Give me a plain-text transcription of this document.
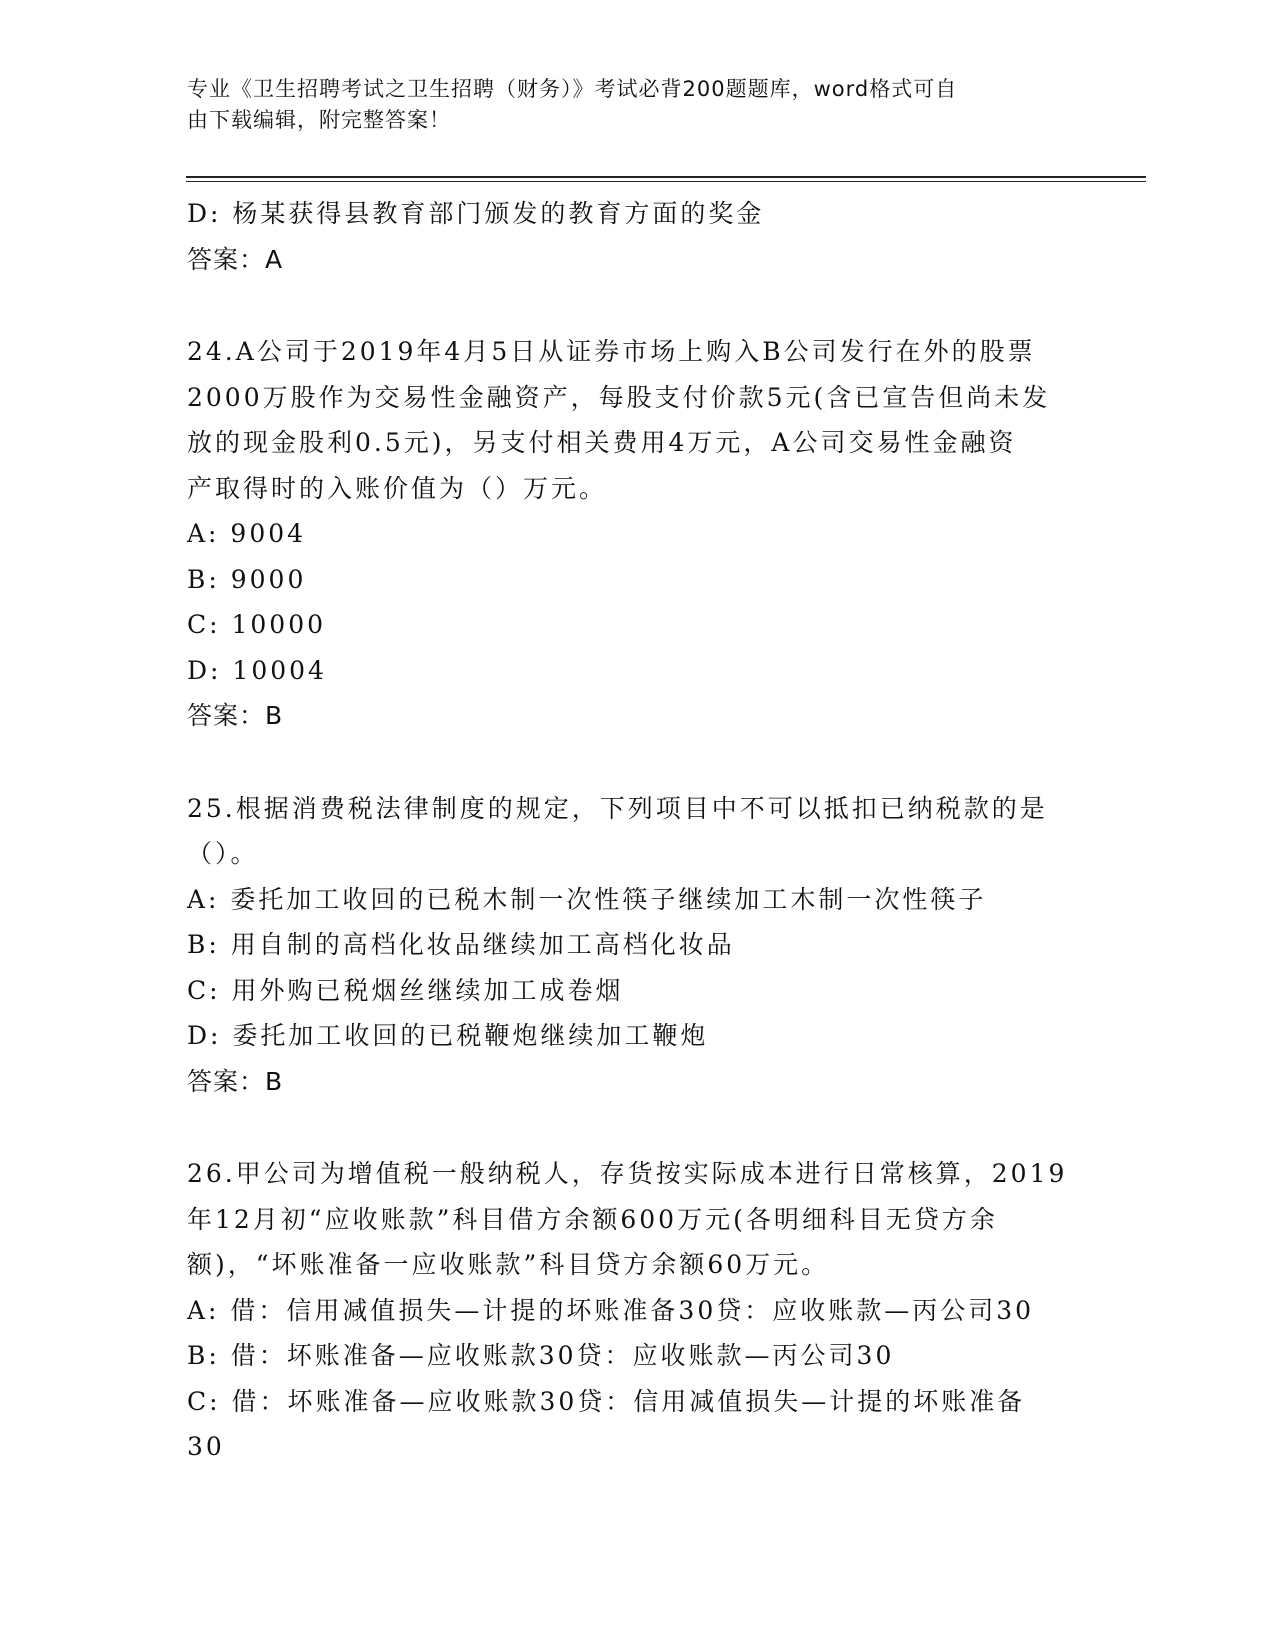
专业《卫生招聘考试之卫生招聘（财务）》考试必背200题题库，word格式可自
由下载编辑，附完整答案！
D: 杨某获得县教育部门颁发的教育方面的奖金
答案：A
24.A公司于2019年4月5日从证券市场上购入B公司发行在外的股票
2000万股作为交易性金融资产，每股支付价款5元(含已宣告但尚未发
放的现金股利0.5元)，另支付相关费用4万元，A公司交易性金融资
产取得时的入账价值为（）万元。
A: 9004
B: 9000
C: 10000
D: 10004
答案：B
25.根据消费税法律制度的规定，下列项目中不可以抵扣已纳税款的是
（）。
A: 委托加工收回的已税木制一次性筷子继续加工木制一次性筷子
B: 用自制的高档化妆品继续加工高档化妆品
C: 用外购已税烟丝继续加工成卷烟
D: 委托加工收回的已税鞭炮继续加工鞭炮
答案：B
26.甲公司为增值税一般纳税人，存货按实际成本进行日常核算，2019
年12月初“应收账款”科目借方余额600万元(各明细科目无贷方余
额)，“坏账准备一应收账款”科目贷方余额60万元。
A: 借：信用减值损失—计提的坏账准备30贷：应收账款—丙公司30
B: 借：坏账准备—应收账款30贷：应收账款—丙公司30
C: 借：坏账准备—应收账款30贷：信用减值损失—计提的坏账准备
30
